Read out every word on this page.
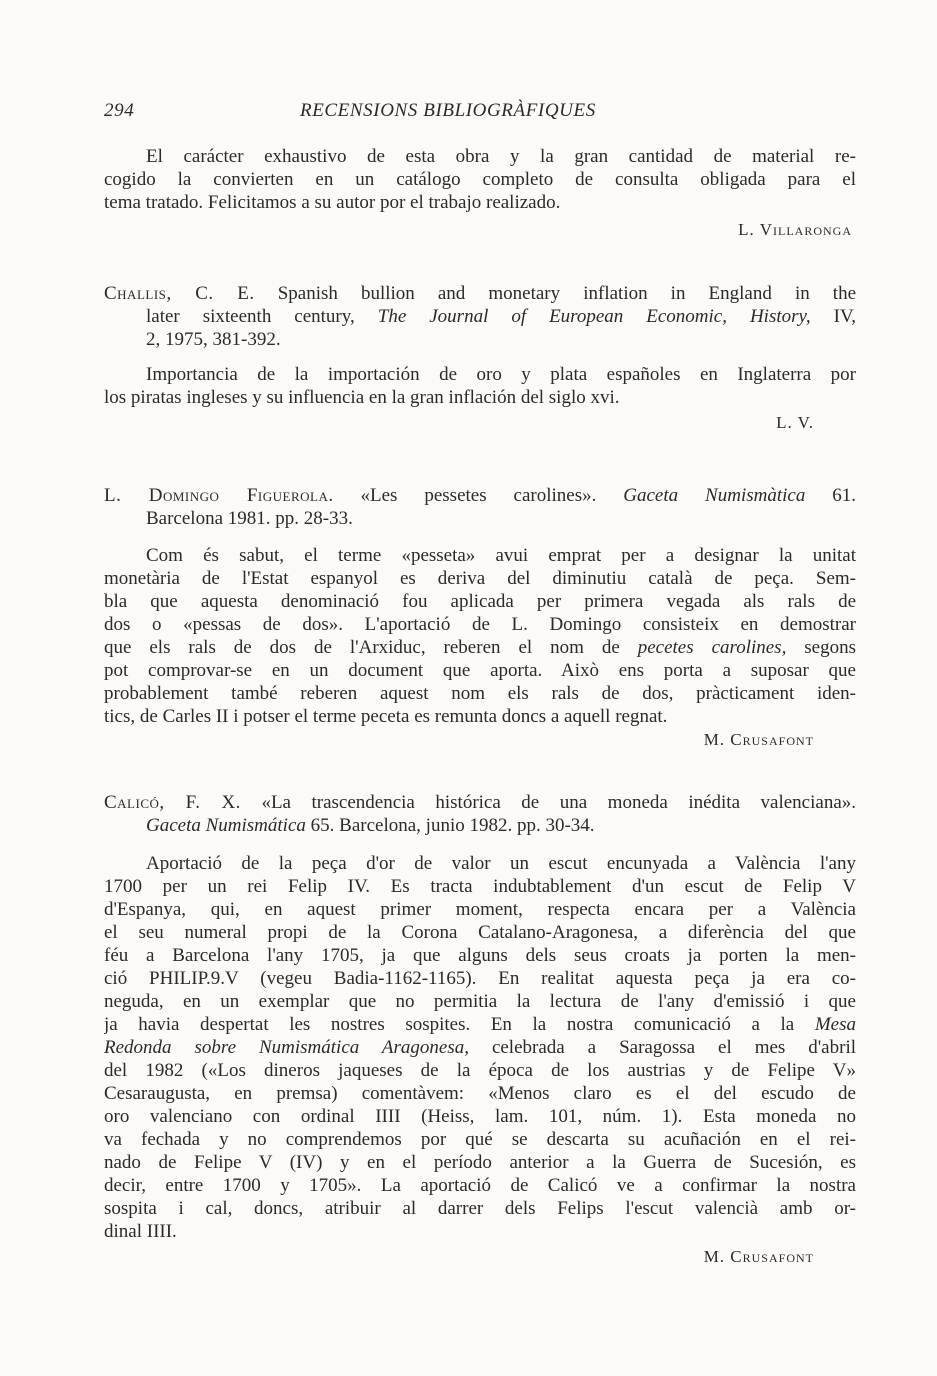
294	RECENSIONS BIBLIOGRÀFIQUES
El carácter exhaustivo de esta obra y la gran cantidad de material re-
cogido la convierten en un catálogo completo de consulta obligada para el
tema tratado. Felicitamos a su autor por el trabajo realizado.
L. Villaronga
Challis, C. E. Spanish bullion and monetary inflation in England in the
later sixteenth century, The Journal of European Economic, History, IV,
2, 1975, 381-392.
Importancia de la importación de oro y plata españoles en Inglaterra por
los piratas ingleses y su influencia en la gran inflación del siglo xvi.
L. V.
L. Domingo Figuerola. «Les pessetes carolines». Gaceta Numismàtica 61.
Barcelona 1981. pp. 28-33.
Com és sabut, el terme «pesseta» avui emprat per a designar la unitat
monetària de l'Estat espanyol es deriva del diminutiu català de peça. Sem-
bla que aquesta denominació fou aplicada per primera vegada als rals de
dos o «pessas de dos». L'aportació de L. Domingo consisteix en demostrar
que els rals de dos de l'Arxiduc, reberen el nom de pecetes carolines, segons
pot comprovar-se en un document que aporta. Això ens porta a suposar que
probablement també reberen aquest nom els rals de dos, pràcticament iden-
tics, de Carles II i potser el terme peceta es remunta doncs a aquell regnat.
M. Crusafont
Calicó, F. X. «La trascendencia histórica de una moneda inédita valenciana».
Gaceta Numismática 65. Barcelona, junio 1982. pp. 30-34.
Aportació de la peça d'or de valor un escut encunyada a València l'any
1700 per un rei Felip IV. Es tracta indubtablement d'un escut de Felip V
d'Espanya, qui, en aquest primer moment, respecta encara per a València
el seu numeral propi de la Corona Catalano-Aragonesa, a diferència del que
féu a Barcelona l'any 1705, ja que alguns dels seus croats ja porten la men-
ció PHILIP.9.V (vegeu Badia-1162-1165). En realitat aquesta peça ja era co-
neguda, en un exemplar que no permitia la lectura de l'any d'emissió i que
ja havia despertat les nostres sospites. En la nostra comunicació a la Mesa
Redonda sobre Numismática Aragonesa, celebrada a Saragossa el mes d'abril
del 1982 («Los dineros jaqueses de la época de los austrias y de Felipe V»
Cesaraugusta, en premsa) comentàvem: «Menos claro es el del escudo de
oro valenciano con ordinal IIII (Heiss, lam. 101, núm. 1). Esta moneda no
va fechada y no comprendemos por qué se descarta su acuñación en el rei-
nado de Felipe V (IV) y en el período anterior a la Guerra de Sucesión, es
decir, entre 1700 y 1705». La aportació de Calicó ve a confirmar la nostra
sospita i cal, doncs, atribuir al darrer dels Felips l'escut valencià amb or-
dinal IIII.
M. Crusafont
